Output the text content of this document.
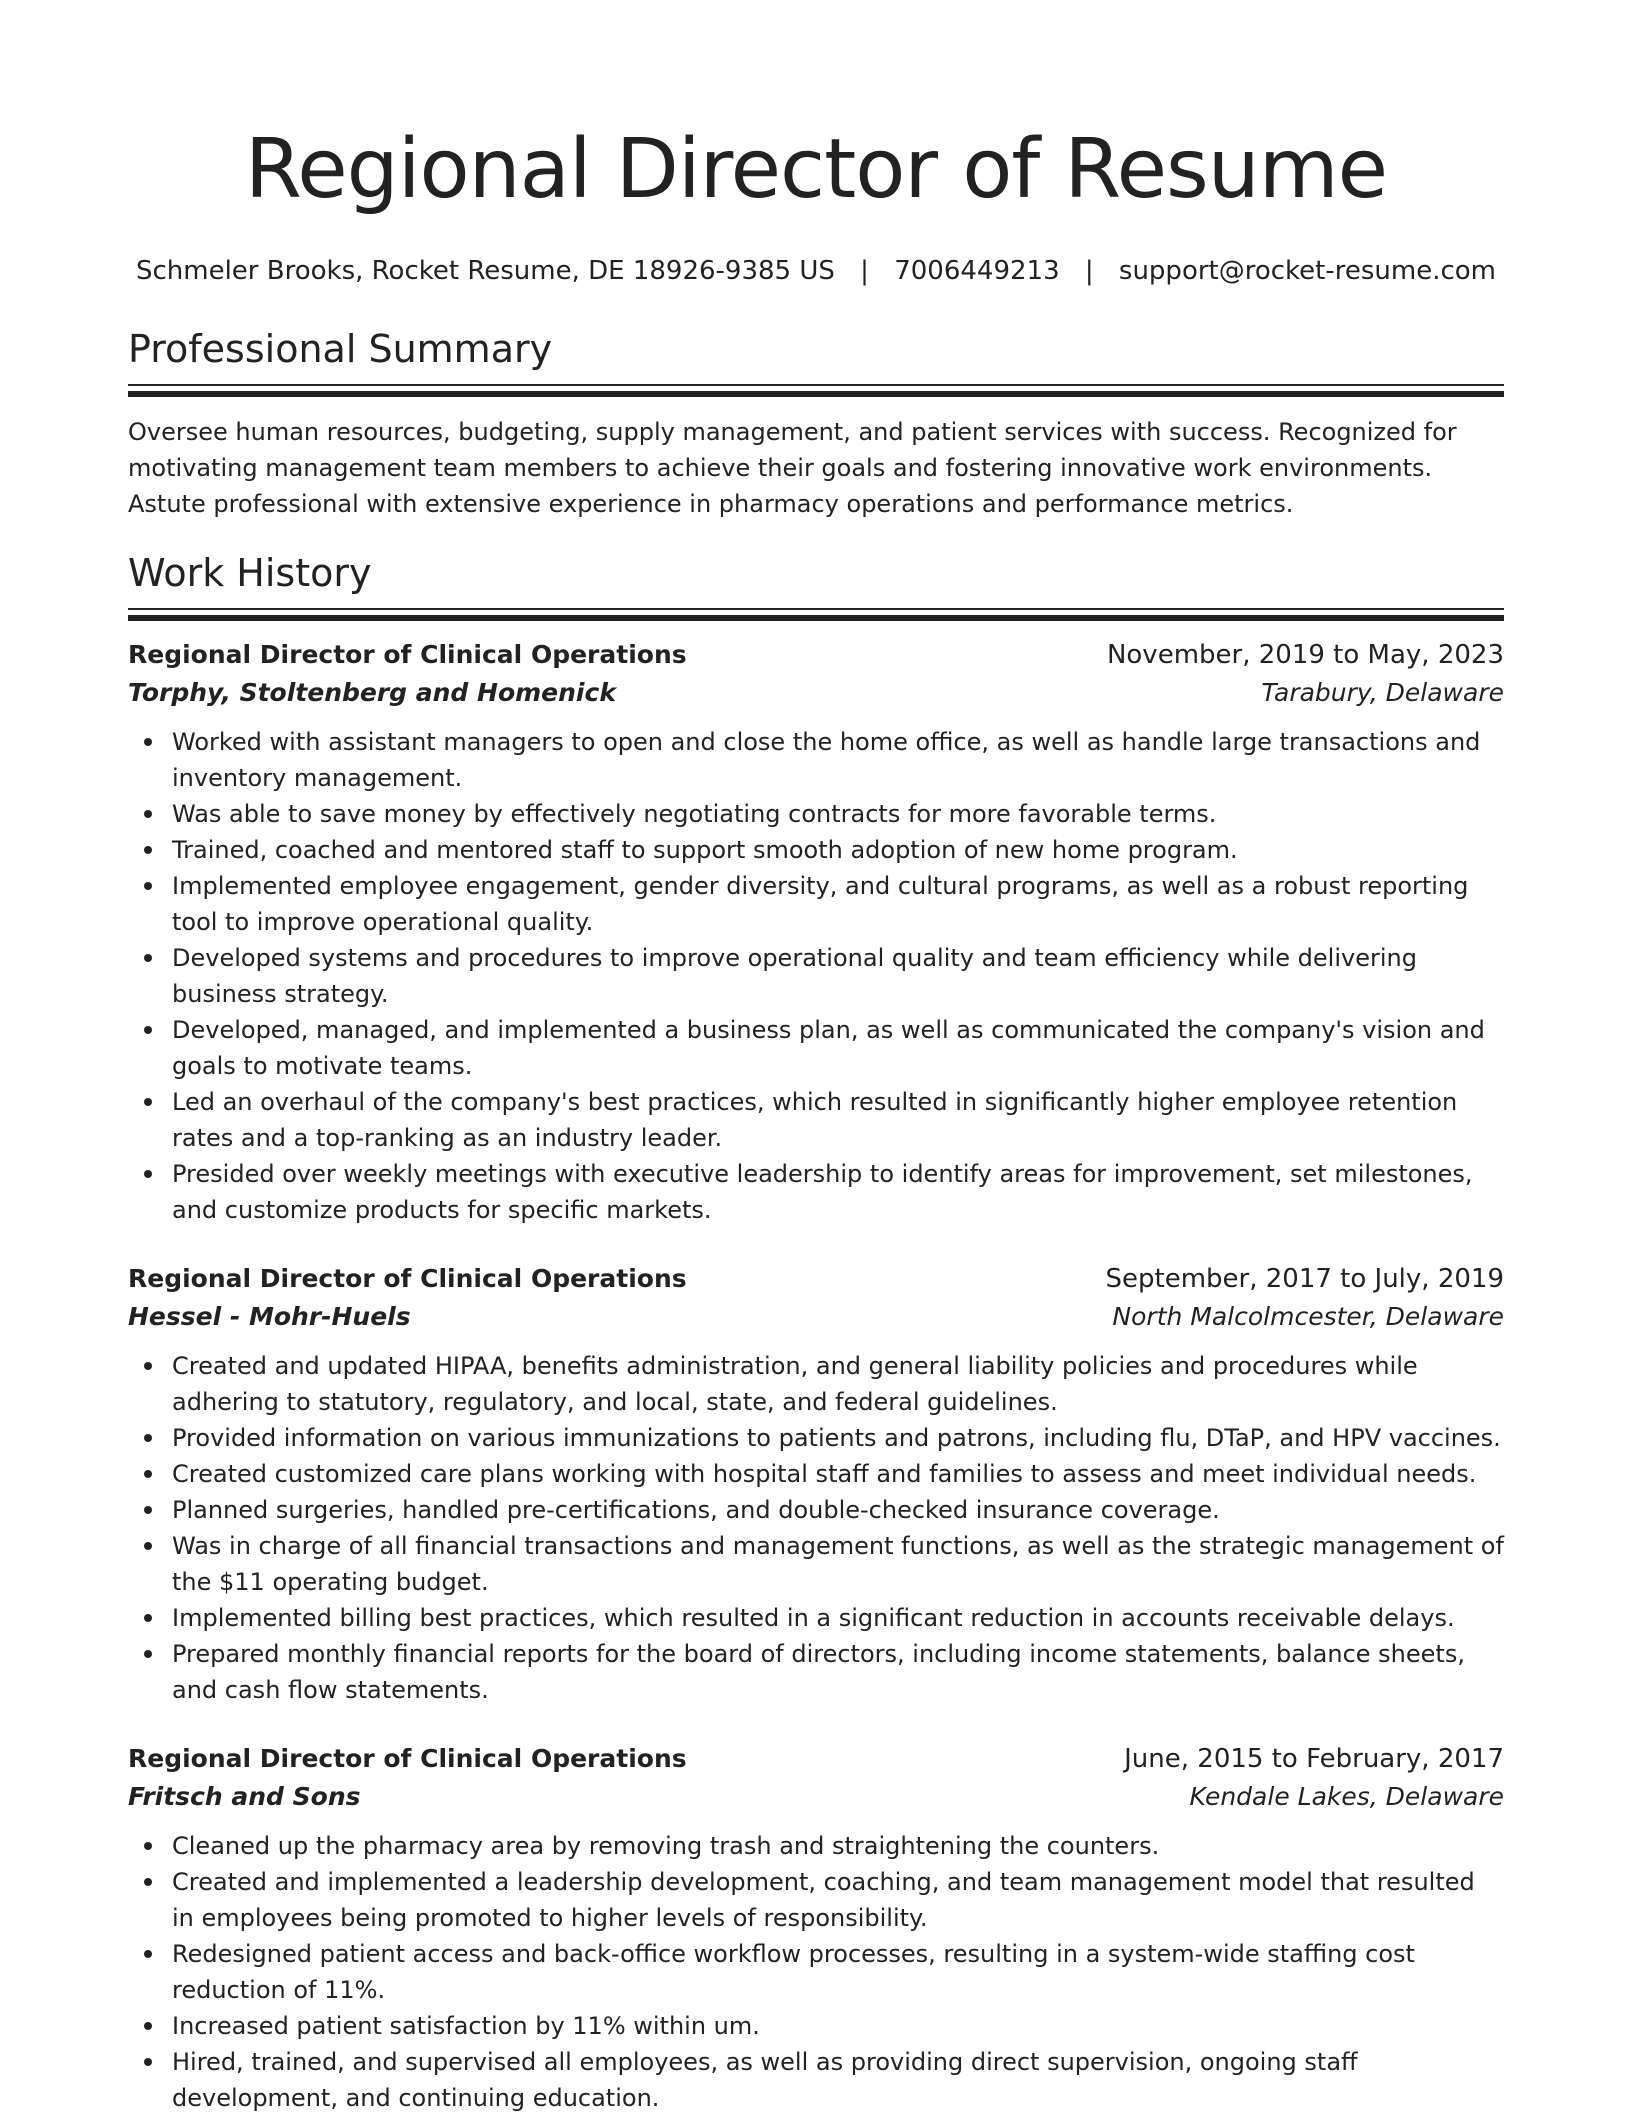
Regional Director of Resume
Schmeler Brooks, Rocket Resume, DE 18926-9385 US | 7006449213 | support@rocket-resume.com
Professional Summary

Oversee human resources, budgeting, supply management, and patient services with success. Recognized for motivating management team members to achieve their goals and fostering innovative work environments. Astute professional with extensive experience in pharmacy operations and performance metrics.

Work History
Regional Director of Clinical Operations	November, 2019 to May, 2023
Torphy, Stoltenberg and Homenick	Tarabury, Delaware
Worked with assistant managers to open and close the home office, as well as handle large transactions and inventory management.
Was able to save money by effectively negotiating contracts for more favorable terms.
Trained, coached and mentored staff to support smooth adoption of new home program.
Implemented employee engagement, gender diversity, and cultural programs, as well as a robust reporting tool to improve operational quality.
Developed systems and procedures to improve operational quality and team efficiency while delivering business strategy.
Developed, managed, and implemented a business plan, as well as communicated the company's vision and goals to motivate teams.
Led an overhaul of the company's best practices, which resulted in significantly higher employee retention rates and a top-ranking as an industry leader.
Presided over weekly meetings with executive leadership to identify areas for improvement, set milestones, and customize products for specific markets.
Regional Director of Clinical Operations	September, 2017 to July, 2019
Hessel - Mohr-Huels	North Malcolmcester, Delaware
Created and updated HIPAA, benefits administration, and general liability policies and procedures while adhering to statutory, regulatory, and local, state, and federal guidelines.
Provided information on various immunizations to patients and patrons, including flu, DTaP, and HPV vaccines.
Created customized care plans working with hospital staff and families to assess and meet individual needs.
Planned surgeries, handled pre-certifications, and double-checked insurance coverage.
Was in charge of all financial transactions and management functions, as well as the strategic management of the $11 operating budget.
Implemented billing best practices, which resulted in a significant reduction in accounts receivable delays.
Prepared monthly financial reports for the board of directors, including income statements, balance sheets, and cash flow statements.
Regional Director of Clinical Operations	June, 2015 to February, 2017
Fritsch and Sons	Kendale Lakes, Delaware
Cleaned up the pharmacy area by removing trash and straightening the counters.
Created and implemented a leadership development, coaching, and team management model that resulted in employees being promoted to higher levels of responsibility.
Redesigned patient access and back-office workflow processes, resulting in a system-wide staffing cost reduction of 11%.
Increased patient satisfaction by 11% within um.
Hired, trained, and supervised all employees, as well as providing direct supervision, ongoing staff development, and continuing education.
